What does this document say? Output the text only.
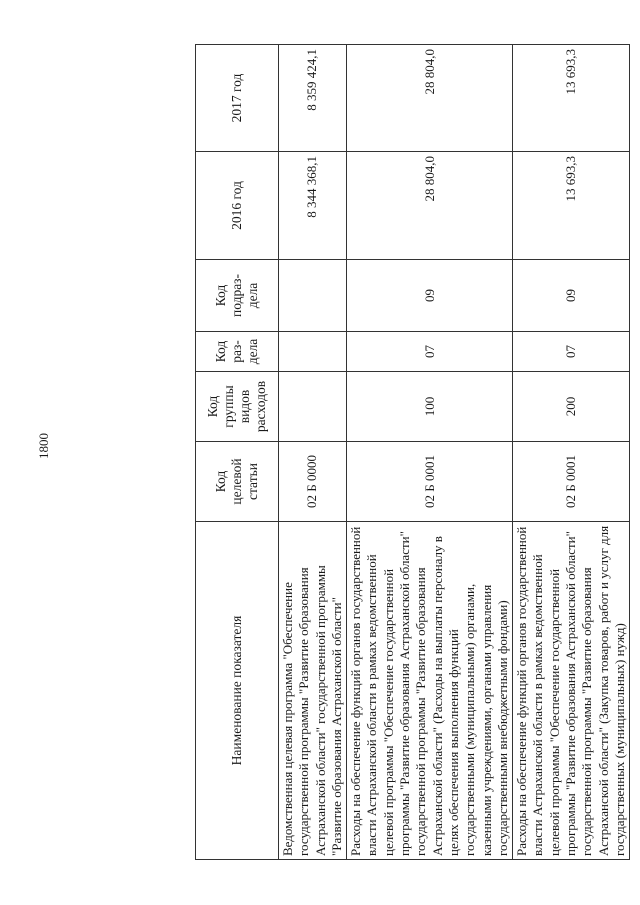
1800
Наименование показателя	Код целевой статьи	Код группы видов расходов	Код раз-дела	Код подраз-дела	2016 год	2017 год
Ведомственная целевая программа "Обеспечение государственной программы "Развитие образования Астраханской области" государственной программы "Развитие образования Астраханской области"	02 Б 0000				8 344 368,1	8 359 424,1
Расходы на обеспечение функций органов государственной власти Астраханской области в рамках ведомственной целевой программы "Обеспечение государственной программы "Развитие образования Астраханской области" государственной программы "Развитие образования Астраханской области" (Расходы на выплаты персоналу в целях обеспечения выполнения функций государственными (муниципальными) органами, казенными учреждениями, органами управления государственными внебюджетными фондами)	02 Б 0001	100	07	09	28 804,0	28 804,0
Расходы на обеспечение функций органов государственной власти Астраханской области в рамках ведомственной целевой программы "Обеспечение государственной программы "Развитие образования Астраханской области" государственной программы "Развитие образования Астраханской области" (Закупка товаров, работ и услуг для государственных (муниципальных) нужд)	02 Б 0001	200	07	09	13 693,3	13 693,3
